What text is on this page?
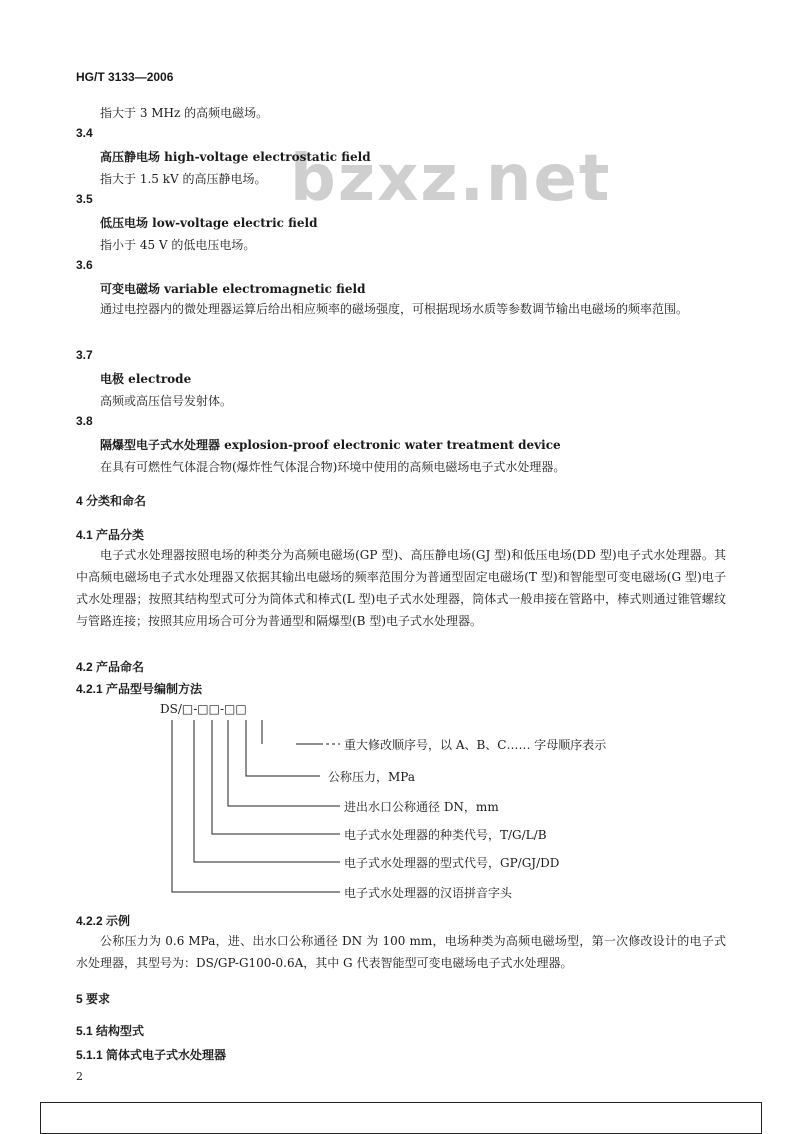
bzxz.net
HG/T 3133—2006
指大于 3 MHz 的高频电磁场。
3.4
高压静电场 high-voltage electrostatic field
指大于 1.5 kV 的高压静电场。
3.5
低压电场 low-voltage electric field
指小于 45 V 的低电压电场。
3.6
可变电磁场 variable electromagnetic field
通过电控器内的微处理器运算后给出相应频率的磁场强度，可根据现场水质等参数调节输出电磁场的频率范围。
3.7
电极 electrode
高频或高压信号发射体。
3.8
隔爆型电子式水处理器 explosion-proof electronic water treatment device
在具有可燃性气体混合物(爆炸性气体混合物)环境中使用的高频电磁场电子式水处理器。
4 分类和命名
4.1 产品分类
电子式水处理器按照电场的种类分为高频电磁场(GP 型)、高压静电场(GJ 型)和低压电场(DD 型)电子式水处理器。其中高频电磁场电子式水处理器又依据其输出电磁场的频率范围分为普通型固定电磁场(T 型)和智能型可变电磁场(G 型)电子式水处理器；按照其结构型式可分为筒体式和棒式(L 型)电子式水处理器，筒体式一般串接在管路中，棒式则通过锥管螺纹与管路连接；按照其应用场合可分为普通型和隔爆型(B 型)电子式水处理器。
4.2 产品命名
4.2.1 产品型号编制方法
DS/□-□□-□□
重大修改顺序号，以 A、B、C…… 字母顺序表示
公称压力，MPa
进出水口公称通径 DN，mm
电子式水处理器的种类代号，T/G/L/B
电子式水处理器的型式代号，GP/GJ/DD
电子式水处理器的汉语拼音字头
4.2.2 示例
公称压力为 0.6 MPa，进、出水口公称通径 DN 为 100 mm，电场种类为高频电磁场型，第一次修改设计的电子式水处理器，其型号为：DS/GP-G100-0.6A，其中 G 代表智能型可变电磁场电子式水处理器。
5 要求
5.1 结构型式
5.1.1 筒体式电子式水处理器
2
